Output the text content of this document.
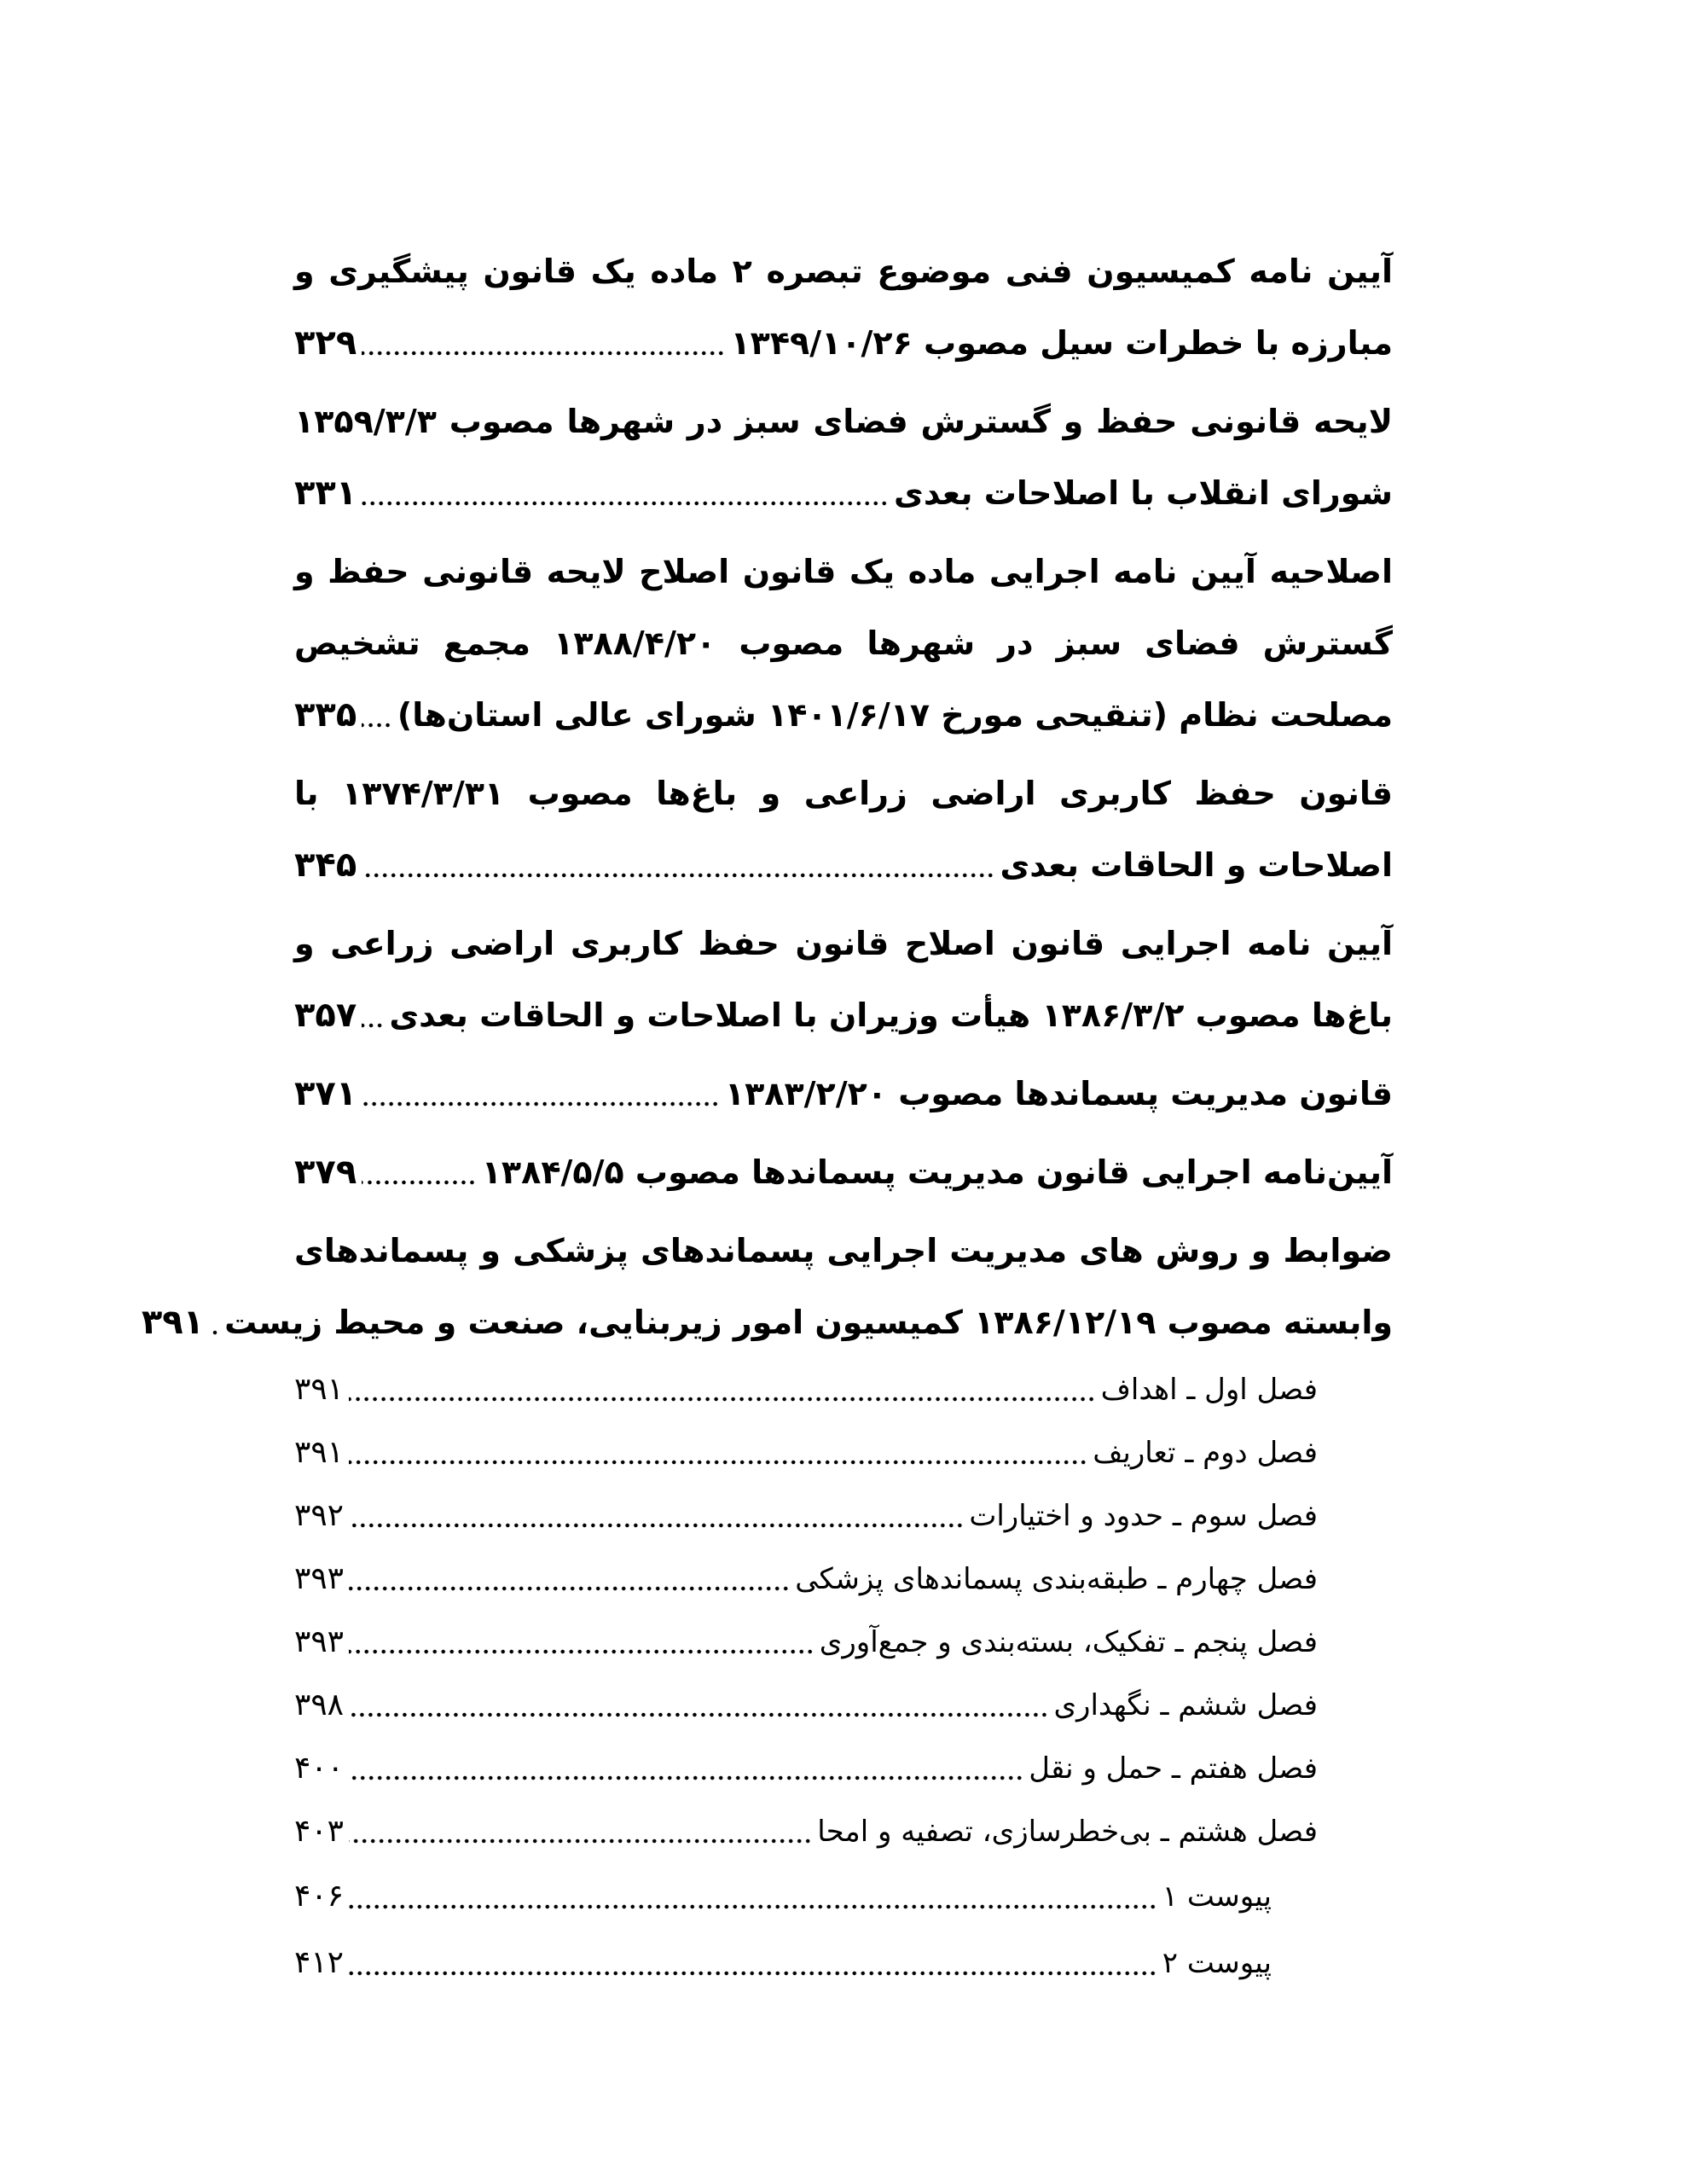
آیین نامه کمیسیون فنی موضوع تبصره ۲ ماده یک قانون پیشگیری و
مبارزه با خطرات سیل مصوب ۱۳۴۹/۱۰/۲۶
۳۲۹
لایحه قانونی حفظ و گسترش فضای سبز در شهرها مصوب ۱۳۵۹/۳/۳
شورای انقلاب با اصلاحات بعدی
۳۳۱
اصلاحیه آیین نامه اجرایی ماده یک قانون اصلاح لایحه قانونی حفظ و
گسترش فضای سبز در شهرها مصوب ۱۳۸۸/۴/۲۰ مجمع تشخیص
مصلحت نظام (تنقیحی مورخ ۱۴۰۱/۶/۱۷ شورای عالی استان‌ها)
۳۳۵
قانون حفظ کاربری اراضی زراعی و باغ‌ها مصوب ۱۳۷۴/۳/۳۱ با
اصلاحات و الحاقات بعدی
۳۴۵
آیین نامه اجرایی قانون اصلاح قانون حفظ کاربری اراضی زراعی و
باغ‌ها مصوب ۱۳۸۶/۳/۲ هیأت وزیران با اصلاحات و الحاقات بعدی
۳۵۷
قانون مدیریت پسماندها مصوب ۱۳۸۳/۲/۲۰
۳۷۱
آیین‌نامه اجرایی قانون مدیریت پسماندها مصوب ۱۳۸۴/۵/۵
۳۷۹
ضوابط و روش های مدیریت اجرایی پسماندهای پزشکی و پسماندهای
وابسته مصوب ۱۳۸۶/۱۲/۱۹ کمیسیون امور زیربنایی، صنعت و محیط زیست
۳۹۱
فصل اول ـ اهداف
۳۹۱
فصل دوم ـ تعاریف
۳۹۱
فصل سوم ـ حدود و اختیارات
۳۹۲
فصل چهارم ـ طبقه‌بندی پسماندهای پزشکی
۳۹۳
فصل پنجم ـ تفکیک، بسته‌بندی و جمع‌آوری
۳۹۳
فصل ششم ـ نگهداری
۳۹۸
فصل هفتم ـ حمل و نقل
۴۰۰
فصل هشتم ـ بی‌خطرسازی، تصفیه و امحا
۴۰۳
پیوست ۱
۴۰۶
پیوست ۲
۴۱۲
